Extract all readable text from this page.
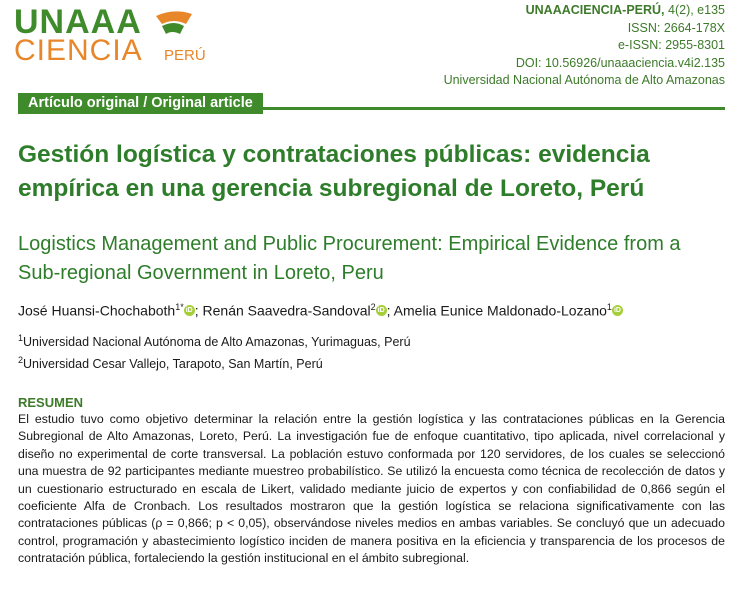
UNAAA
CIENCIA PERÚ
UNAAACIENCIA-PERÚ, 4(2), e135
ISSN: 2664-178X
e-ISSN: 2955-8301
DOI: 10.56926/unaaaciencia.v4i2.135
Universidad Nacional Autónoma de Alto Amazonas
Artículo original / Original article
Gestión logística y contrataciones públicas: evidencia empírica en una gerencia subregional de Loreto, Perú
Logistics Management and Public Procurement: Empirical Evidence from a Sub-regional Government in Loreto, Peru
José Huansi-Chochaboth$^{1*}$ iD ; Renán Saavedra-Sandoval$^2$ iD ; Amelia Eunice Maldonado-Lozano$^1$ iD
$^1$Universidad Nacional Autónoma de Alto Amazonas, Yurimaguas, Perú
$^2$Universidad Cesar Vallejo, Tarapoto, San Martín, Perú
RESUMEN
El estudio tuvo como objetivo determinar la relación entre la gestión logística y las contrataciones públicas en la Gerencia Subregional de Alto Amazonas, Loreto, Perú. La investigación fue de enfoque cuantitativo, tipo aplicada, nivel correlacional y diseño no experimental de corte transversal. La población estuvo conformada por 120 servidores, de los cuales se seleccionó una muestra de 92 participantes mediante muestreo probabilístico. Se utilizó la encuesta como técnica de recolección de datos y un cuestionario estructurado en escala de Likert, validado mediante juicio de expertos y con confiabilidad de 0,866 según el coeficiente Alfa de Cronbach. Los resultados mostraron que la gestión logística se relaciona significativamente con las contrataciones públicas (ρ = 0,866; p < 0,05), observándose niveles medios en ambas variables. Se concluyó que un adecuado control, programación y abastecimiento logístico inciden de manera positiva en la eficiencia y transparencia de los procesos de contratación pública, fortaleciendo la gestión institucional en el ámbito subregional.
